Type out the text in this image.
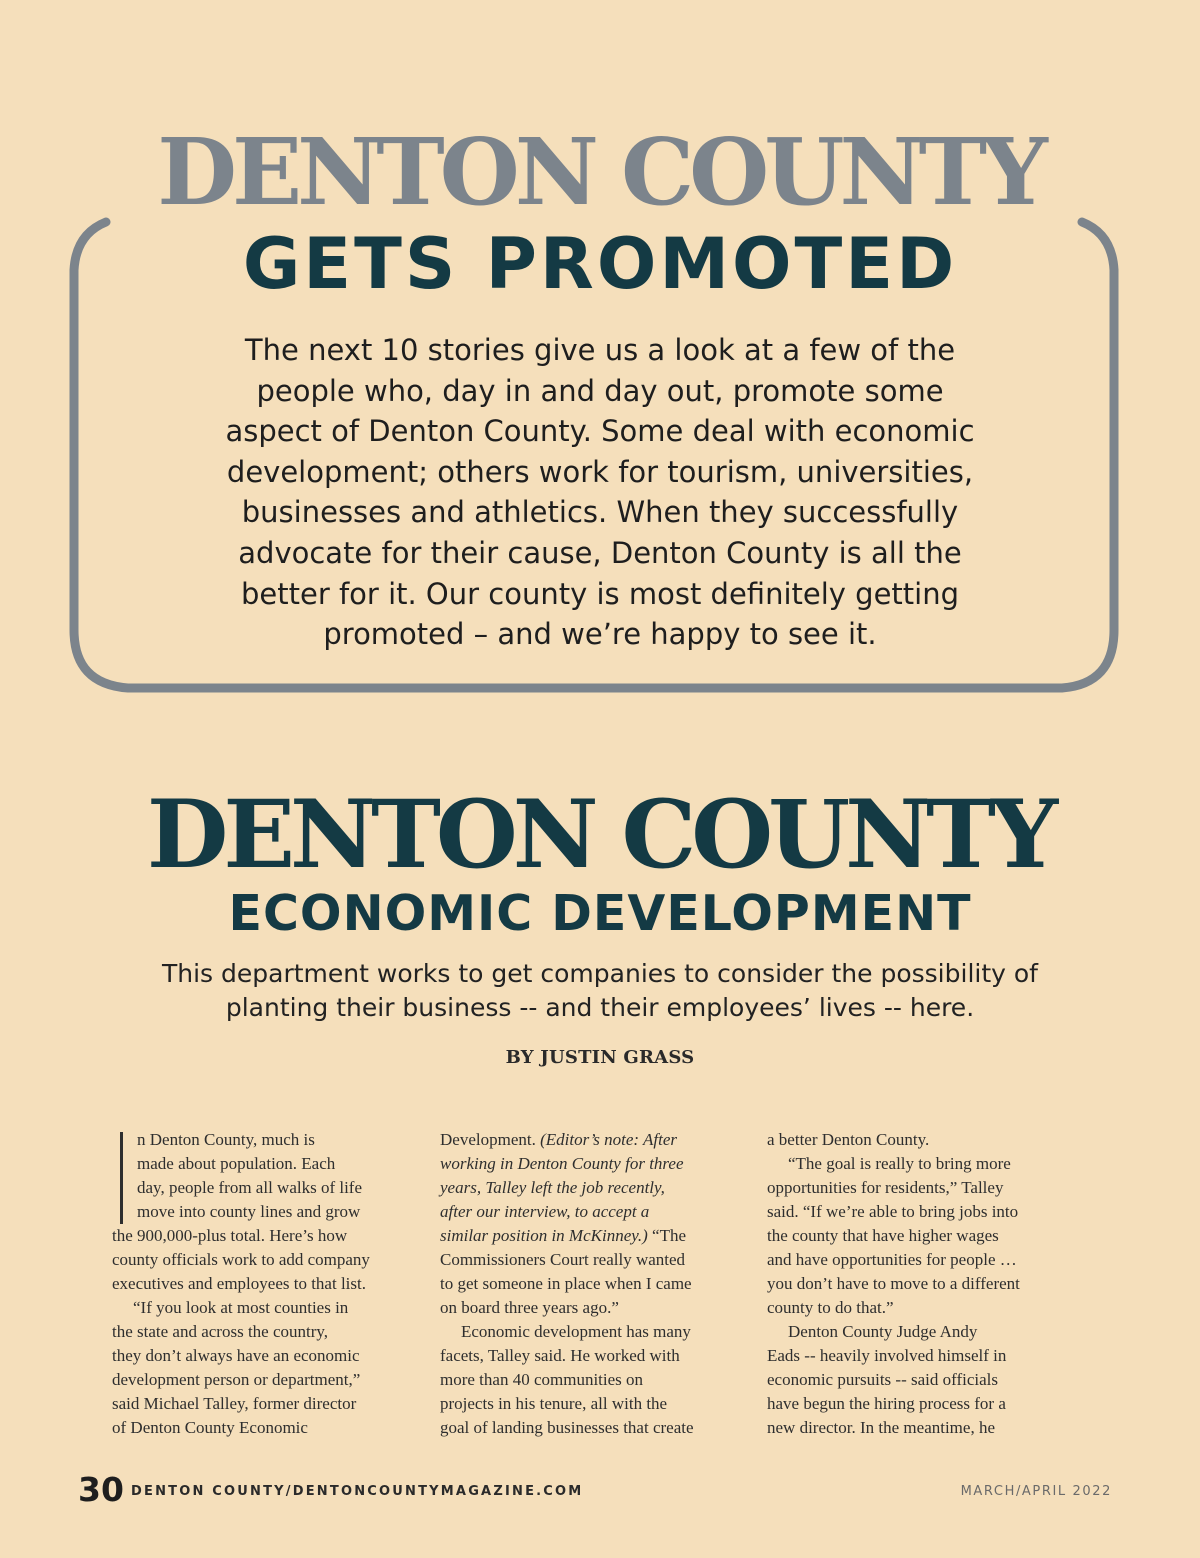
DENTON COUNTY
GETS PROMOTED
The next 10 stories give us a look at a few of the
people who, day in and day out, promote some
aspect of Denton County. Some deal with economic
development; others work for tourism, universities,
businesses and athletics. When they successfully
advocate for their cause, Denton County is all the
better for it. Our county is most definitely getting
promoted – and we’re happy to see it.
DENTON COUNTY
ECONOMIC DEVELOPMENT
This department works to get companies to consider the possibility of
planting their business -- and their employees’ lives -- here.
BY JUSTIN GRASS

n Denton County, much is
made about population. Each
day, people from all walks of life
move into county lines and grow
the 900,000-plus total. Here’s how
county officials work to add company
executives and employees to that list.

“If you look at most counties in
the state and across the country,
they don’t always have an economic
development person or department,”
said Michael Talley, former director
of Denton County Economic

Development. (Editor’s note: After
working in Denton County for three
years, Talley left the job recently,
after our interview, to accept a
similar position in McKinney.) “The
Commissioners Court really wanted
to get someone in place when I came
on board three years ago.”

Economic development has many
facets, Talley said. He worked with
more than 40 communities on
projects in his tenure, all with the
goal of landing businesses that create

a better Denton County.

“The goal is really to bring more
opportunities for residents,” Talley
said. “If we’re able to bring jobs into
the county that have higher wages
and have opportunities for people …
you don’t have to move to a different
county to do that.”

Denton County Judge Andy
Eads -- heavily involved himself in
economic pursuits -- said officials
have begun the hiring process for a
new director. In the meantime, he

30 DENTON COUNTY/DENTONCOUNTYMAGAZINE.COM	MARCH/APRIL 2022
